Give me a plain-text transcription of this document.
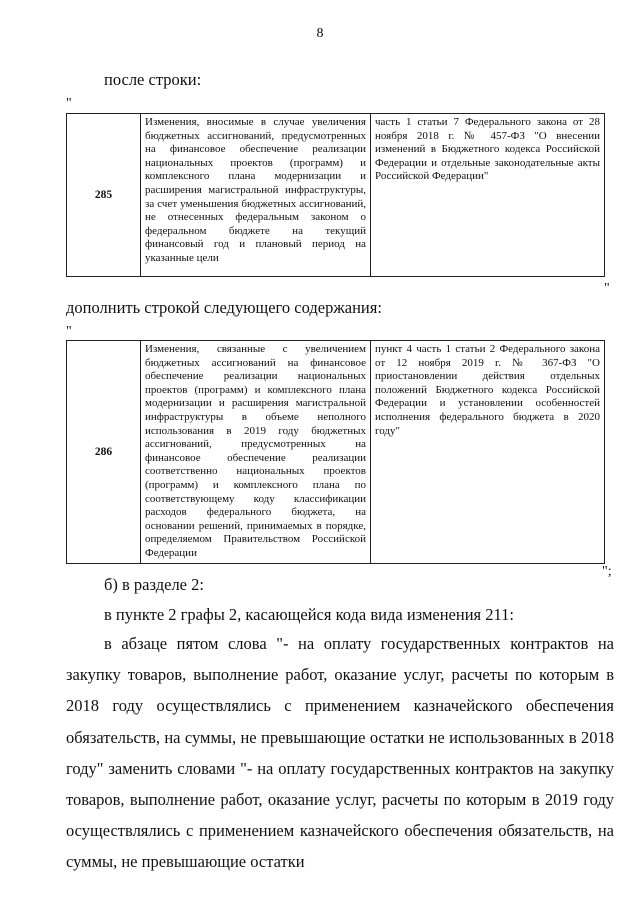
8
после строки:
"
285	Изменения, вносимые в случае увеличения бюджетных ассигнований, предусмотренных на финансовое обеспечение реализации национальных проектов (программ) и комплексного плана модернизации и расширения магистральной инфраструктуры, за счет уменьшения бюджетных ассигнований, не отнесенных федеральным законом о федеральном бюджете на текущий финансовый год и плановый период на указанные цели	часть 1 статьи 7 Федерального закона от 28 ноября 2018 г. № 457-ФЗ "О внесении изменений в Бюджетного кодекса Российской Федерации и отдельные законодательные акты Российской Федерации"
"
дополнить строкой следующего содержания:
"
286	Изменения, связанные с увеличением бюджетных ассигнований на финансовое обеспечение реализации национальных проектов (программ) и комплексного плана модернизации и расширения магистральной инфраструктуры в объеме неполного использования в 2019 году бюджетных ассигнований, предусмотренных на финансовое обеспечение реализации соответственно национальных проектов (программ) и комплексного плана по соответствующему коду классификации расходов федерального бюджета, на основании решений, принимаемых в порядке, определяемом Правительством Российской Федерации	пункт 4 часть 1 статьи 2 Федерального закона от 12 ноября 2019 г. № 367-ФЗ "О приостановлении действия отдельных положений Бюджетного кодекса Российской Федерации и установлении особенностей исполнения федерального бюджета в 2020 году"
";
б) в разделе 2:
в пункте 2 графы 2, касающейся кода вида изменения 211:
в абзаце пятом слова "- на оплату государственных контрактов на закупку товаров, выполнение работ, оказание услуг, расчеты по которым в 2018 году осуществлялись с применением казначейского обеспечения обязательств, на суммы, не превышающие остатки не использованных в 2018 году" заменить словами "- на оплату государственных контрактов на закупку товаров, выполнение работ, оказание услуг, расчеты по которым в 2019 году осуществлялись с применением казначейского обеспечения обязательств, на суммы, не превышающие остатки
